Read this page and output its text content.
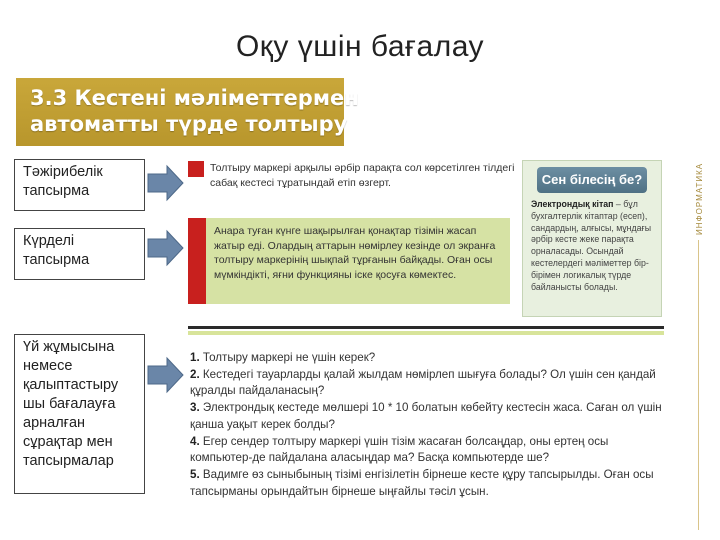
Оқу үшін бағалау
3.3 Кестені мәліметтермен
автоматты түрде толтыру
ИНФОРМАТИКА
Тәжірибелік тапсырма
Күрделі тапсырма
Үй жұмысына немесе қалыптастыру шы бағалауға арналған сұрақтар мен тапсырмалар
Толтыру маркері арқылы әрбір парақта сол көрсетілген тілдегі сабақ кестесі тұратындай етіп өзгерт.
Анара туған күнге шақырылған қонақтар тізімін жасап жатыр еді. Олардың аттарын нөмірлеу кезінде ол экранға толтыру маркерінің шықпай тұрғанын байқады. Оған осы мүмкіндікті, яғни функцияны іске қосуға көмектес.
Сен білесің бе?
Электрондық кітап – бұл бухгалтерлік кітаптар (есеп), сандардың, алғысы, мұндағы әрбір кесте жеке парақта орналасады. Осындай кестелердегі мәліметтер бір-бірімен логикалық түрде байланысты болады.
1. Толтыру маркері не үшін керек?
2. Кестедегі тауарларды қалай жылдам нөмірлеп шығуға болады? Ол үшін сен қандай құралды пайдаланасың?
3. Электрондық кестеде мөлшері 10 * 10 болатын көбейту кестесін жаса. Саған ол үшін қанша уақыт керек болды?
4. Егер сендер толтыру маркері үшін тізім жасаған болсаңдар, оны ертең осы компьютер-де пайдалана аласыңдар ма? Басқа компьютерде ше?
5. Вадимге өз сыныбының тізімі енгізілетін бірнеше кесте құру тапсырылды. Оған осы тапсырманы орындайтын бірнеше ыңғайлы тәсіл ұсын.
